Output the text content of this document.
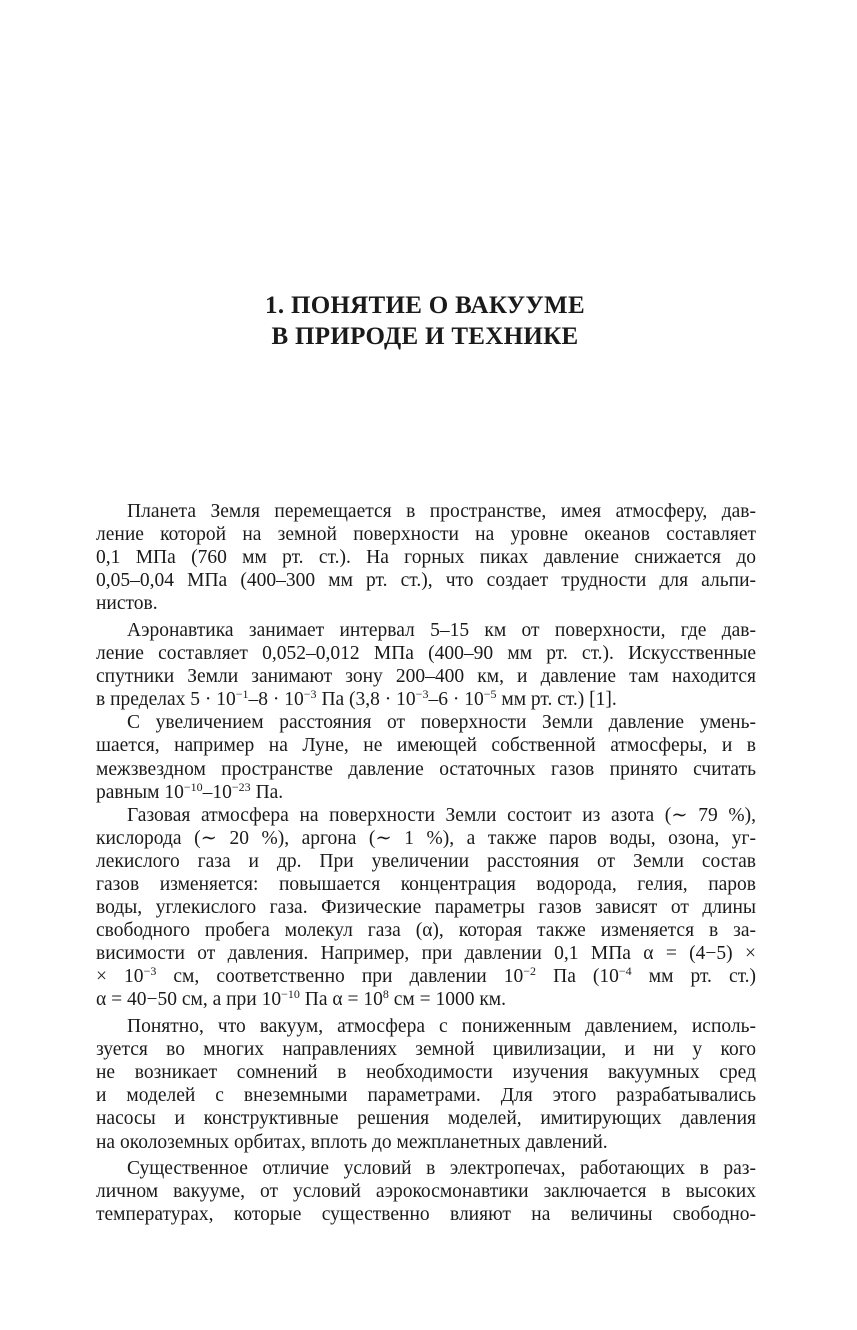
1. ПОНЯТИЕ О ВАКУУМЕ
В ПРИРОДЕ И ТЕХНИКЕ
Планета Земля перемещается в пространстве, имея атмосферу, дав-
ление которой на земной поверхности на уровне океанов составляет
0,1 МПа (760 мм рт. ст.). На горных пиках давление снижается до
0,05–0,04 МПа (400–300 мм рт. ст.), что создает трудности для альпи-
нистов.
Аэронавтика занимает интервал 5–15 км от поверхности, где дав-
ление составляет 0,052–0,012 МПа (400–90 мм рт. ст.). Искусственные
спутники Земли занимают зону 200–400 км, и давление там находится
в пределах $5 \cdot 10^{-1}-8 \cdot 10^{-3}$ Па ($3,8 \cdot 10^{-3}-6 \cdot 10^{-5}$ мм рт. ст.) [1].
С увеличением расстояния от поверхности Земли давление умень-
шается, например на Луне, не имеющей собственной атмосферы, и в
межзвездном пространстве давление остаточных газов принято считать
равным $10^{-10}-10^{-23}$ Па.
Газовая атмосфера на поверхности Земли состоит из азота (∼ 79 %),
кислорода (∼ 20 %), аргона (∼ 1 %), а также паров воды, озона, уг-
лекислого газа и др. При увеличении расстояния от Земли состав
газов изменяется: повышается концентрация водорода, гелия, паров
воды, углекислого газа. Физические параметры газов зависят от длины
свободного пробега молекул газа (α), которая также изменяется в за-
висимости от давления. Например, при давлении 0,1 МПа α = (4−5) ×
× $10^{-3}$ см, соответственно при давлении $10^{-2}$ Па ($10^{-4}$ мм рт. ст.)
α = 40−50 см, а при $10^{-10}$ Па $\alpha = 10^8$ см = 1000 км.
Понятно, что вакуум, атмосфера с пониженным давлением, исполь-
зуется во многих направлениях земной цивилизации, и ни у кого
не возникает сомнений в необходимости изучения вакуумных сред
и моделей с внеземными параметрами. Для этого разрабатывались
насосы и конструктивные решения моделей, имитирующих давления
на околоземных орбитах, вплоть до межпланетных давлений.
Существенное отличие условий в электропечах, работающих в раз-
личном вакууме, от условий аэрокосмонавтики заключается в высоких
температурах, которые существенно влияют на величины свободно-
